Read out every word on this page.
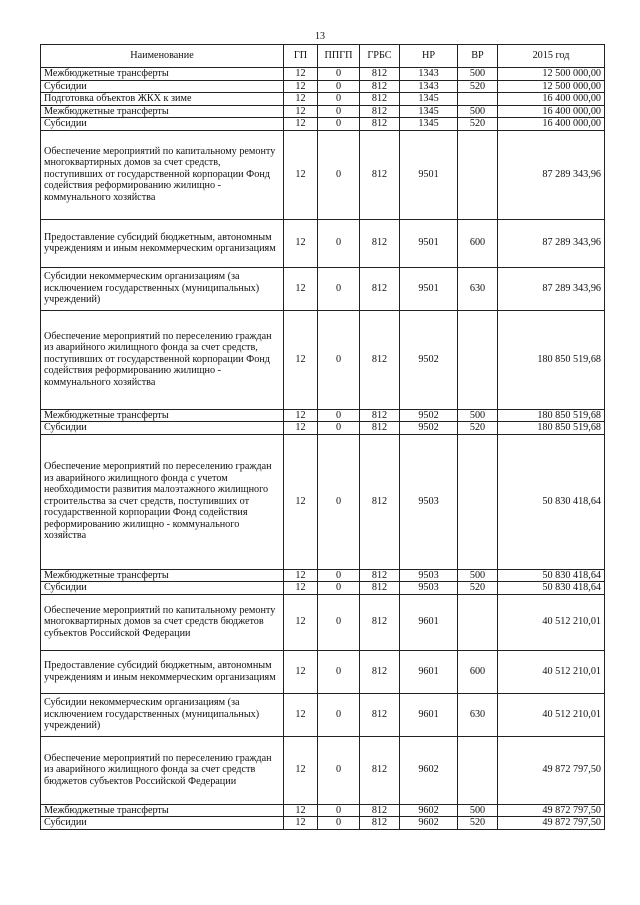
13
Наименование	ГП	ППГП	ГРБС	НР	ВР	2015 год
Межбюджетные трансферты	12	0	812	1343	500	12 500 000,00
Субсидии	12	0	812	1343	520	12 500 000,00
Подготовка объектов ЖКХ к зиме	12	0	812	1345		16 400 000,00
Межбюджетные трансферты	12	0	812	1345	500	16 400 000,00
Субсидии	12	0	812	1345	520	16 400 000,00
Обеспечение мероприятий по капитальному ремонту многоквартирных домов за счет средств, поступивших от государственной корпорации Фонд содействия реформированию жилищно - коммунального хозяйства	12	0	812	9501		87 289 343,96
Предоставление субсидий бюджетным, автономным учреждениям и иным некоммерческим организациям	12	0	812	9501	600	87 289 343,96
Субсидии некоммерческим организациям (за исключением государственных (муниципальных) учреждений)	12	0	812	9501	630	87 289 343,96
Обеспечение мероприятий по переселению граждан из аварийного жилищного фонда за счет средств, поступивших от государственной корпорации Фонд содействия реформированию жилищно - коммунального хозяйства	12	0	812	9502		180 850 519,68
Межбюджетные трансферты	12	0	812	9502	500	180 850 519,68
Субсидии	12	0	812	9502	520	180 850 519,68
Обеспечение мероприятий по переселению граждан из аварийного жилищного фонда с учетом необходимости развития малоэтажного жилищного строительства за счет средств, поступивших от государственной корпорации Фонд содействия реформированию жилищно - коммунального хозяйства	12	0	812	9503		50 830 418,64
Межбюджетные трансферты	12	0	812	9503	500	50 830 418,64
Субсидии	12	0	812	9503	520	50 830 418,64
Обеспечение мероприятий по капитальному ремонту многоквартирных домов за счет средств бюджетов субъектов Российской Федерации	12	0	812	9601		40 512 210,01
Предоставление субсидий бюджетным, автономным учреждениям и иным некоммерческим организациям	12	0	812	9601	600	40 512 210,01
Субсидии некоммерческим организациям (за исключением государственных (муниципальных) учреждений)	12	0	812	9601	630	40 512 210,01
Обеспечение мероприятий по переселению граждан из аварийного жилищного фонда за счет средств бюджетов субъектов Российской Федерации	12	0	812	9602		49 872 797,50
Межбюджетные трансферты	12	0	812	9602	500	49 872 797,50
Субсидии	12	0	812	9602	520	49 872 797,50
